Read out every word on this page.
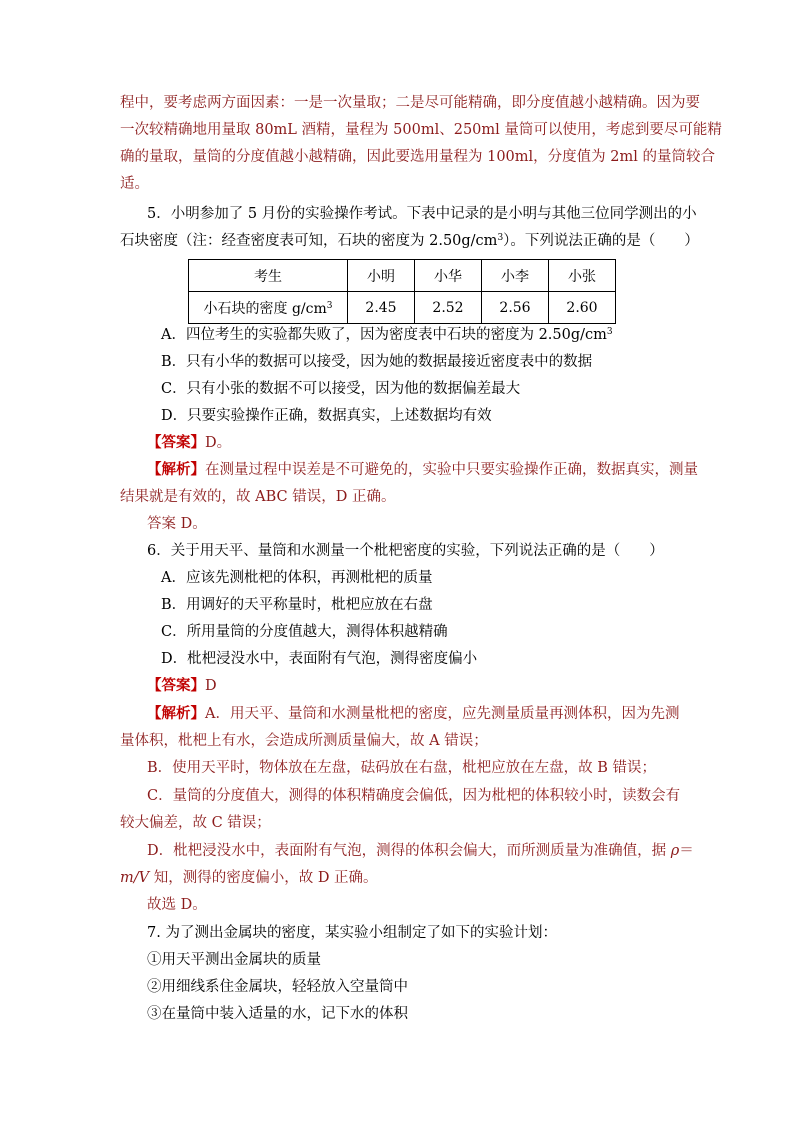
程中，要考虑两方面因素：一是一次量取；二是尽可能精确，即分度值越小越精确。因为要
一次较精确地用量取 80mL 酒精，量程为 500ml、250ml 量筒可以使用，考虑到要尽可能精
确的量取，量筒的分度值越小越精确，因此要选用量程为 100ml，分度值为 2ml 的量筒较合
适。
5．小明参加了 5 月份的实验操作考试。下表中记录的是小明与其他三位同学测出的小
石块密度（注：经查密度表可知，石块的密度为 $2.50g/cm^3$）。下列说法正确的是（　　）
考生	小明	小华	小李	小张
小石块的密度 $g/cm^3$	2.45	2.52	2.56	2.60
A．四位考生的实验都失败了，因为密度表中石块的密度为 $2.50g/cm^3$
B．只有小华的数据可以接受，因为她的数据最接近密度表中的数据
C．只有小张的数据不可以接受，因为他的数据偏差最大
D．只要实验操作正确，数据真实，上述数据均有效
【答案】D。
【解析】在测量过程中误差是不可避免的，实验中只要实验操作正确，数据真实，测量
结果就是有效的，故 ABC 错误，D 正确。
答案 D。
6．关于用天平、量筒和水测量一个枇杷密度的实验，下列说法正确的是（　　）
A．应该先测枇杷的体积，再测枇杷的质量
B．用调好的天平称量时，枇杷应放在右盘
C．所用量筒的分度值越大，测得体积越精确
D．枇杷浸没水中，表面附有气泡，测得密度偏小
【答案】D
【解析】A．用天平、量筒和水测量枇杷的密度，应先测量质量再测体积，因为先测
量体积，枇杷上有水，会造成所测质量偏大，故 A 错误；
B．使用天平时，物体放在左盘，砝码放在右盘，枇杷应放在左盘，故 B 错误；
C．量筒的分度值大，测得的体积精确度会偏低，因为枇杷的体积较小时，读数会有
较大偏差，故 C 错误；
D．枇杷浸没水中，表面附有气泡，测得的体积会偏大，而所测质量为准确值，据 ρ＝
m/V 知，测得的密度偏小，故 D 正确。
故选 D。
7. 为了测出金属块的密度，某实验小组制定了如下的实验计划：
①用天平测出金属块的质量
②用细线系住金属块，轻轻放入空量筒中
③在量筒中装入适量的水，记下水的体积
